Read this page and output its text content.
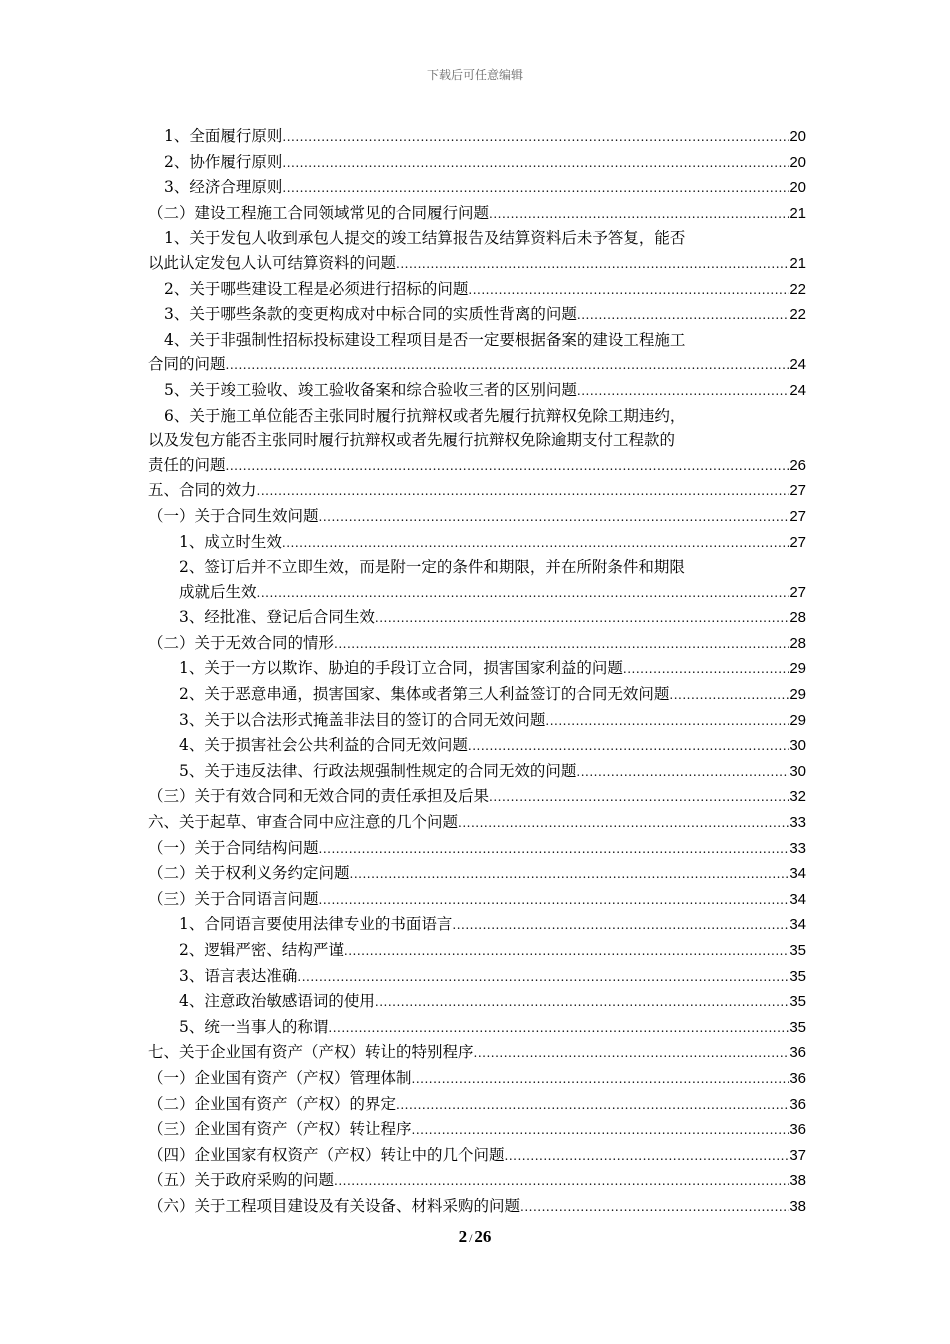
下载后可任意编辑
1、全面履行原则 .....	20
2、协作履行原则 .....	20
3、经济合理原则 .....	20
（二）建设工程施工合同领域常见的合同履行问题 .....	21
1、关于发包人收到承包人提交的竣工结算报告及结算资料后未予答复，能否
以此认定发包人认可结算资料的问题 .....	21
2、关于哪些建设工程是必须进行招标的问题 .....	22
3、关于哪些条款的变更构成对中标合同的实质性背离的问题 .....	22
4、关于非强制性招标投标建设工程项目是否一定要根据备案的建设工程施工
合同的问题 .....	24
5、关于竣工验收、竣工验收备案和综合验收三者的区别问题 .....	24
6、关于施工单位能否主张同时履行抗辩权或者先履行抗辩权免除工期违约，
以及发包方能否主张同时履行抗辩权或者先履行抗辩权免除逾期支付工程款的
责任的问题 .....	26
五、合同的效力 .....	27
（一）关于合同生效问题 .....	27
1、成立时生效 .....	27
2、签订后并不立即生效，而是附一定的条件和期限，并在所附条件和期限
成就后生效 .....	27
3、经批准、登记后合同生效 .....	28
（二）关于无效合同的情形 .....	28
1、关于一方以欺诈、胁迫的手段订立合同，损害国家利益的问题 .....	29
2、关于恶意串通，损害国家、集体或者第三人利益签订的合同无效问题 .....	29
3、关于以合法形式掩盖非法目的签订的合同无效问题 .....	29
4、关于损害社会公共利益的合同无效问题 .....	30
5、关于违反法律、行政法规强制性规定的合同无效的问题 .....	30
（三）关于有效合同和无效合同的责任承担及后果 .....	32
六、关于起草、审查合同中应注意的几个问题 .....	33
（一）关于合同结构问题 .....	33
（二）关于权利义务约定问题 .....	34
（三）关于合同语言问题 .....	34
1、合同语言要使用法律专业的书面语言 .....	34
2、逻辑严密、结构严谨 .....	35
3、语言表达准确 .....	35
4、注意政治敏感语词的使用 .....	35
5、统一当事人的称谓 .....	35
七、关于企业国有资产（产权）转让的特别程序 .....	36
（一）企业国有资产（产权）管理体制 .....	36
（二）企业国有资产（产权）的界定 .....	36
（三）企业国有资产（产权）转让程序 .....	36
（四）企业国家有权资产（产权）转让中的几个问题 .....	37
（五）关于政府采购的问题 .....	38
（六）关于工程项目建设及有关设备、材料采购的问题 .....	38
2 / 26
